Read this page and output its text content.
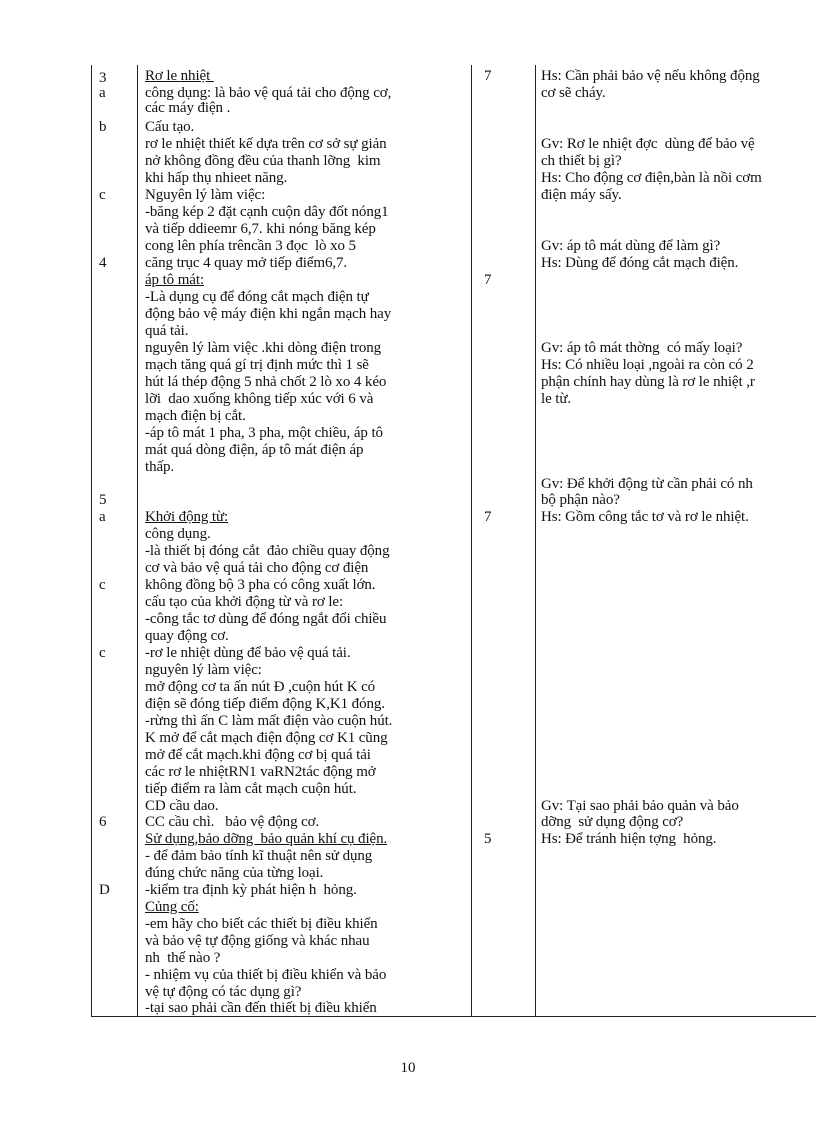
3
a
b
c
4
5
a
c
c
6
D
Rơ le nhiệt
công dụng: là bảo vệ quá tải cho động cơ,
các máy điện .
Cấu tạo.
rơ le nhiệt thiết kế dựa trên cơ sở sự giản
nở không đồng đều của thanh lỡng  kim
khi hấp thụ nhieet năng.
Nguyên lý làm việc:
-băng kép 2 đặt cạnh cuộn dây đốt nóng1
và tiếp ddieemr 6,7. khi nóng băng kép
cong lên phía trêncần 3 đọc  lò xo 5
căng trục 4 quay mở tiếp điểm6,7.
áp tô mát:
-Là dụng cụ để đóng cắt mạch điện tự
động bảo vệ máy điện khi ngắn mạch hay
quá tải.
nguyên lý làm việc .khi dòng điện trong
mạch tăng quá gí trị định mức thì 1 sẽ
hút lá thép động 5 nhả chốt 2 lò xo 4 kéo
lỡi  dao xuống không tiếp xúc với 6 và
mạch điện bị cắt.
-áp tô mát 1 pha, 3 pha, một chiều, áp tô
mát quá dòng điện, áp tô mát điện áp
thấp.
Khởi động từ:
công dụng.
-là thiết bị đóng cắt  đảo chiều quay động
cơ và bảo vệ quá tải cho động cơ điện
không đồng bộ 3 pha có công xuất lớn.
cấu tạo của khởi động từ và rơ le:
-công tắc tơ dùng để đóng ngắt đổi chiều
quay động cơ.
-rơ le nhiệt dùng để bảo vệ quá tải.
nguyên lý làm việc:
mở động cơ ta ấn nút Đ ,cuộn hút K có
điện sẽ đóng tiếp điểm động K,K1 đóng.
-rừng thì ấn C làm mất điện vào cuộn hút.
K mở để cắt mạch điện động cơ K1 cũng
mở để cắt mạch.khi động cơ bị quá tải
các rơ le nhiệtRN1 vaRN2tác động mở
tiếp điểm ra làm cắt mạch cuộn hút.
CD cầu dao.
CC cầu chì.   bảo vệ động cơ.
Sử dụng,bảo dỡng  bảo quản khí cụ điện.
- để đảm bảo tính kĩ thuật nên sử dụng
đúng chức năng của từng loại.
-kiểm tra định kỳ phát hiện h  hỏng.
Củng cố:
-em hãy cho biết các thiết bị điều khiển
và bảo vệ tự động giống và khác nhau
nh  thế nào ?
- nhiệm vụ của thiết bị điều khiển và bảo
vệ tự động có tác dụng gì?
-tại sao phải cần đến thiết bị điều khiển
7
7
7
5
Hs: Cần phải bảo vệ nếu không động
cơ sẽ cháy.
Gv: Rơ le nhiệt đợc  dùng để bảo vệ
ch thiết bị gì?
Hs: Cho động cơ điện,bàn là nồi cơm
điện máy sấy.
Gv: áp tô mát dùng để làm gì?
Hs: Dùng để đóng cắt mạch điện.
Gv: áp tô mát thờng  có mấy loại?
Hs: Có nhiều loại ,ngoài ra còn có 2
phận chính hay dùng là rơ le nhiệt ,r
le từ.
Gv: Để khởi động từ cần phải có nh
bộ phận nào?
Hs: Gồm công tắc tơ và rơ le nhiệt.
Gv: Tại sao phải bảo quản và bảo
dỡng  sử dụng động cơ?
Hs: Để tránh hiện tợng  hỏng.
10
